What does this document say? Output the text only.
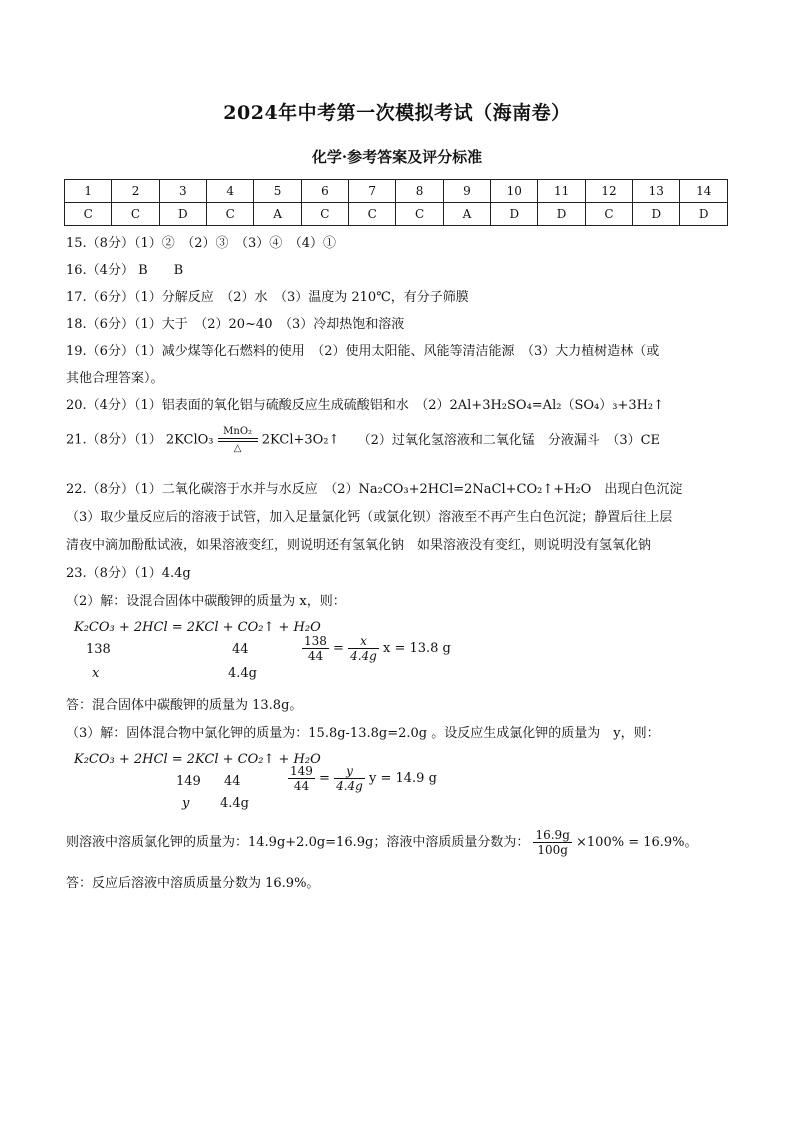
2024年中考第一次模拟考试（海南卷）
化学·参考答案及评分标准
1	2	3	4	5	6	7	8	9	10	11	12	13	14
C	C	D	C	A	C	C	C	A	D	D	C	D	D
15.（8分）（1）②　（2）③　（3）④　（4）①
16.（4分） B　　B
17.（6分）（1）分解反应　（2）水　（3）温度为 210℃，有分子筛膜
18.（6分）（1）大于　（2）20~40　（3）冷却热饱和溶液
19.（6分）（1）减少煤等化石燃料的使用　（2）使用太阳能、风能等清洁能源　（3）大力植树造林（或
其他合理答案）。
20.（4分）（1）铝表面的氧化铝与硫酸反应生成硫酸铝和水　（2）2Al+3H₂SO₄=Al₂（SO₄）₃+3H₂↑
21.（8分）（1） 2KClO₃ MnO₂
△ 2KCl+3O₂↑ （2）过氧化氢溶液和二氧化锰　分液漏斗　（3）CE
22.（8分）（1）二氧化碳溶于水并与水反应　（2）Na₂CO₃+2HCl=2NaCl+CO₂↑+H₂O　出现白色沉淀
（3）取少量反应后的溶液于试管，加入足量氯化钙（或氯化钡）溶液至不再产生白色沉淀；静置后往上层
清夜中滴加酚酞试液，如果溶液变红，则说明还有氢氧化钠　如果溶液没有变红，则说明没有氢氧化钠
23.（8分）（1）4.4g
（2）解：设混合固体中碳酸钾的质量为 x，则：
K₂CO₃ + 2HCl = 2KCl + CO₂↑ + H₂O
138	44
x	4.4g
$\frac{138}{44} = \frac{x}{4.4g}$ x = 13.8 g
答：混合固体中碳酸钾的质量为 13.8g。
（3）解：固体混合物中氯化钾的质量为：15.8g-13.8g=2.0g 。设反应生成氯化钾的质量为　y，则：
K₂CO₃ + 2HCl = 2KCl + CO₂↑ + H₂O
149 44
y 4.4g
$\frac{149}{44} = \frac{y}{4.4g}$ y = 14.9 g
则溶液中溶质氯化钾的质量为：14.9g+2.0g=16.9g；溶液中溶质质量分数为： $\frac{16.9g}{100g} \times 100\% = 16.9\%$。
答：反应后溶液中溶质质量分数为 16.9%。
